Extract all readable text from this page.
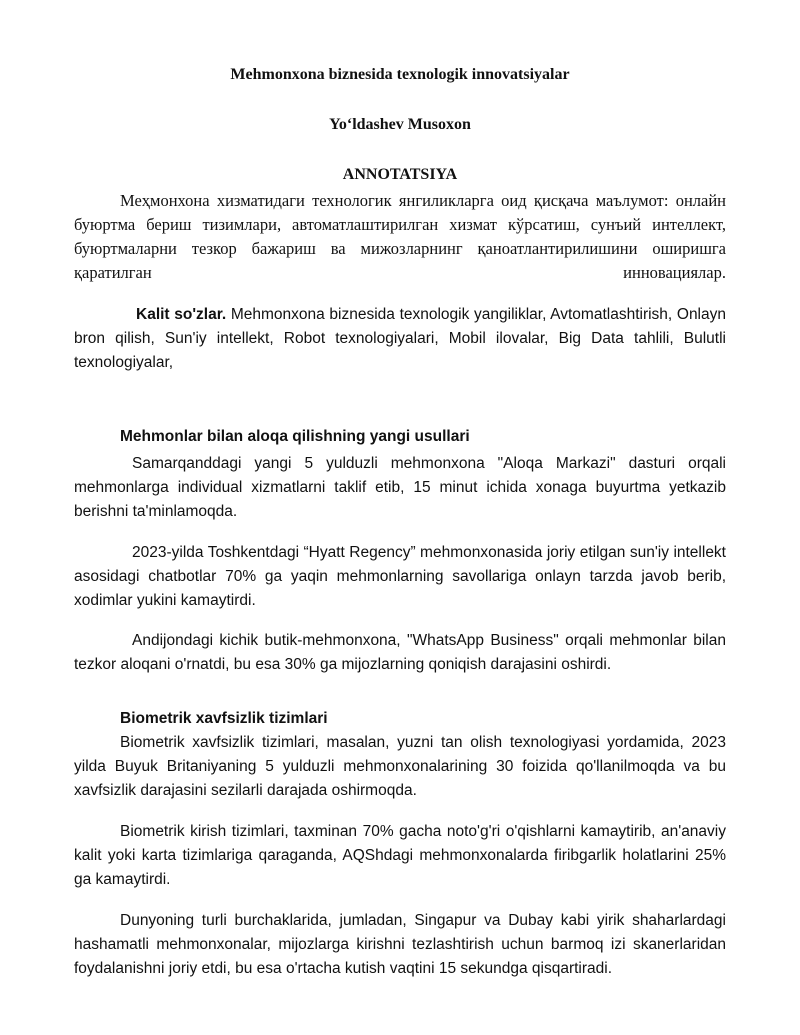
Mehmonxona biznesida texnologik innovatsiyalar
Yo‘ldashev Musoxon
ANNOTATSIYA
Меҳмонхона хизматидаги технологик янгиликларга оид қисқача маълумот: онлайн буюртма бериш тизимлари, автоматлаштирилган хизмат кўрсатиш, сунъий интеллект, буюртмаларни тезкор бажариш ва мижозларнинг қаноатлантирилишини оширишга қаратилган инновациялар.
Kalit so'zlar. Mehmonxona biznesida texnologik yangiliklar, Avtomatlashtirish, Onlayn bron qilish, Sun'iy intellekt, Robot texnologiyalari, Mobil ilovalar, Big Data tahlili, Bulutli texnologiyalar,
Mehmonlar bilan aloqa qilishning yangi usullari
Samarqanddagi yangi 5 yulduzli mehmonxona "Aloqa Markazi" dasturi orqali mehmonlarga individual xizmatlarni taklif etib, 15 minut ichida xonaga buyurtma yetkazib berishni ta'minlamoqda.
2023-yilda Toshkentdagi “Hyatt Regency” mehmonxonasida joriy etilgan sun'iy intellekt asosidagi chatbotlar 70% ga yaqin mehmonlarning savollariga onlayn tarzda javob berib, xodimlar yukini kamaytirdi.
Andijondagi kichik butik-mehmonxona, "WhatsApp Business" orqali mehmonlar bilan tezkor aloqani o'rnatdi, bu esa 30% ga mijozlarning qoniqish darajasini oshirdi.
Biometrik xavfsizlik tizimlari
Biometrik xavfsizlik tizimlari, masalan, yuzni tan olish texnologiyasi yordamida, 2023 yilda Buyuk Britaniyaning 5 yulduzli mehmonxonalarining 30 foizida qo'llanilmoqda va bu xavfsizlik darajasini sezilarli darajada oshirmoqda.
Biometrik kirish tizimlari, taxminan 70% gacha noto'g'ri o'qishlarni kamaytirib, an'anaviy kalit yoki karta tizimlariga qaraganda, AQShdagi mehmonxonalarda firibgarlik holatlarini 25% ga kamaytirdi.
Dunyoning turli burchaklarida, jumladan, Singapur va Dubay kabi yirik shaharlardagi hashamatli mehmonxonalar, mijozlarga kirishni tezlashtirish uchun barmoq izi skanerlaridan foydalanishni joriy etdi, bu esa o'rtacha kutish vaqtini 15 sekundga qisqartiradi.
